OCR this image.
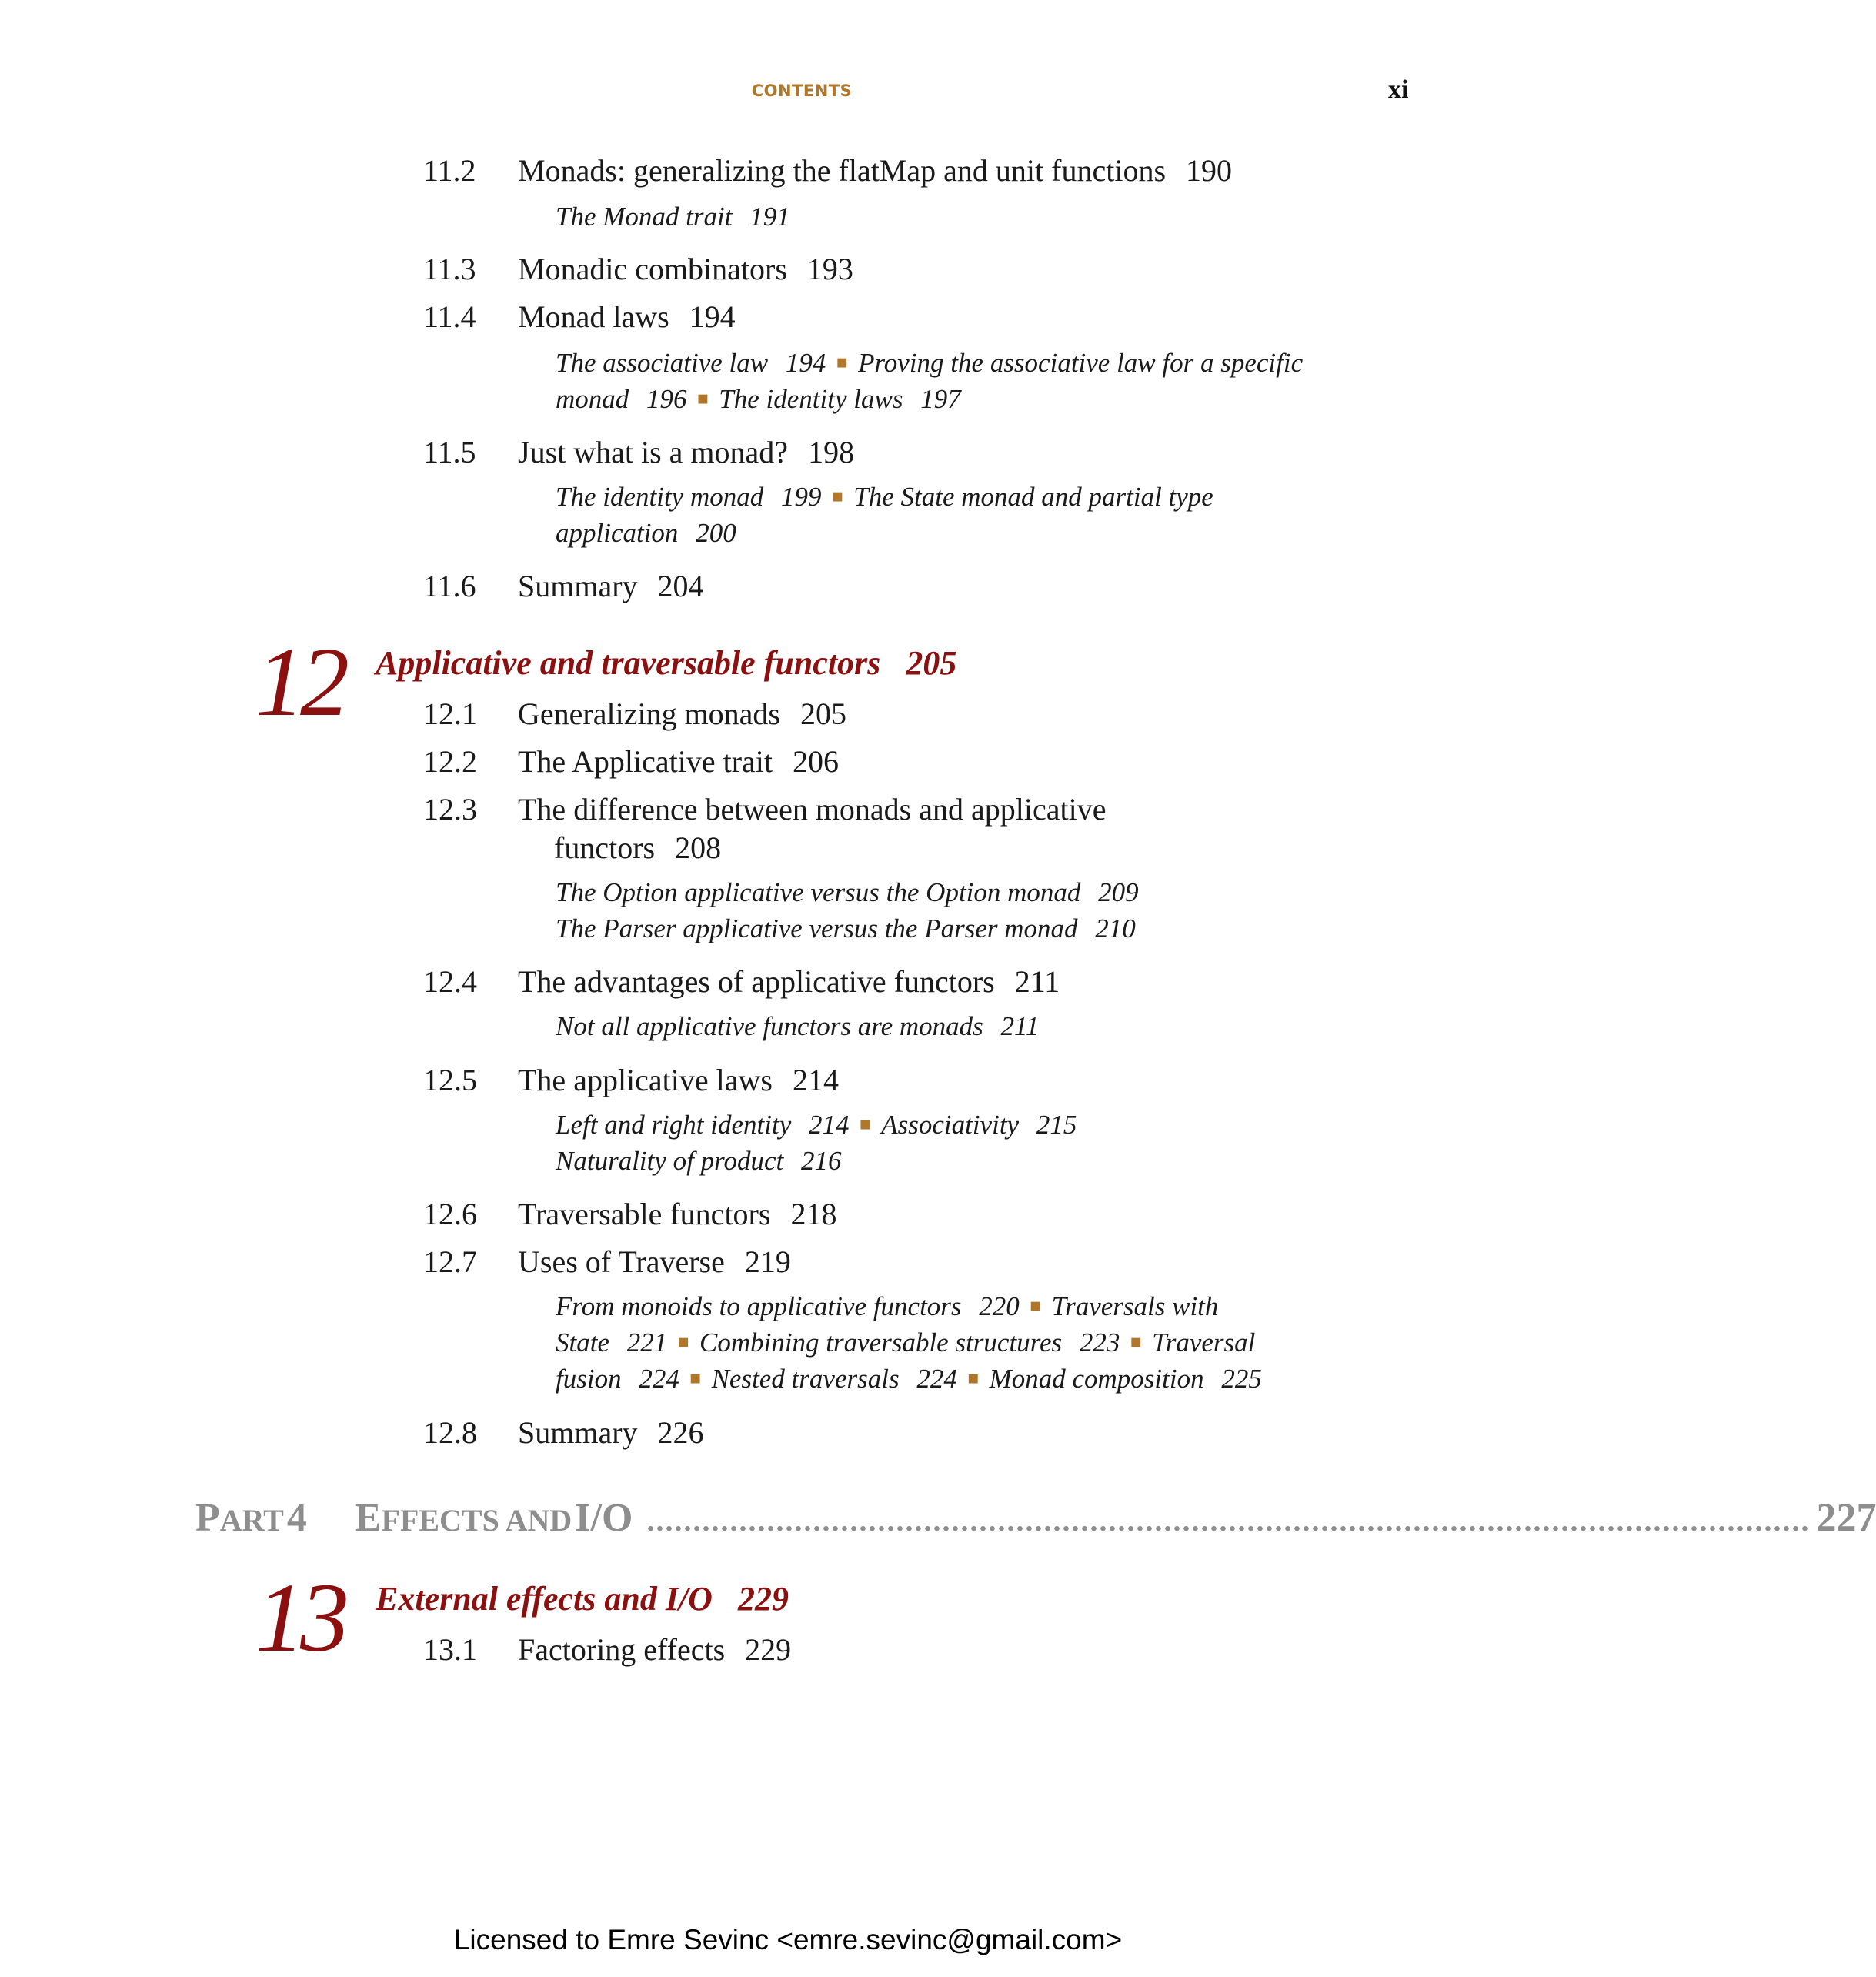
CONTENTS	xi
11.2 Monads: generalizing the flatMap and unit functions 190
The Monad trait 191
11.3 Monadic combinators 193
11.4 Monad laws 194
The associative law 194 ■ Proving the associative law for a specific
monad 196 ■ The identity laws 197
11.5 Just what is a monad? 198
The identity monad 199 ■ The State monad and partial type
application 200
11.6 Summary 204
12 Applicative and traversable functors 205
12.1 Generalizing monads 205
12.2 The Applicative trait 206
12.3 The difference between monads and applicative
functors 208
The Option applicative versus the Option monad 209
The Parser applicative versus the Parser monad 210
12.4 The advantages of applicative functors 211
Not all applicative functors are monads 211
12.5 The applicative laws 214
Left and right identity 214 ■ Associativity 215
Naturality of product 216
12.6 Traversable functors 218
12.7 Uses of Traverse 219
From monoids to applicative functors 220 ■ Traversals with
State 221 ■ Combining traversable structures 223 ■ Traversal
fusion 224 ■ Nested traversals 224 ■ Monad composition 225
12.8 Summary 226
PART 4 EFFECTS AND I/O .............................................................................................................................. 227
13 External effects and I/O 229
13.1 Factoring effects 229
Licensed to Emre Sevinc <emre.sevinc@gmail.com>
